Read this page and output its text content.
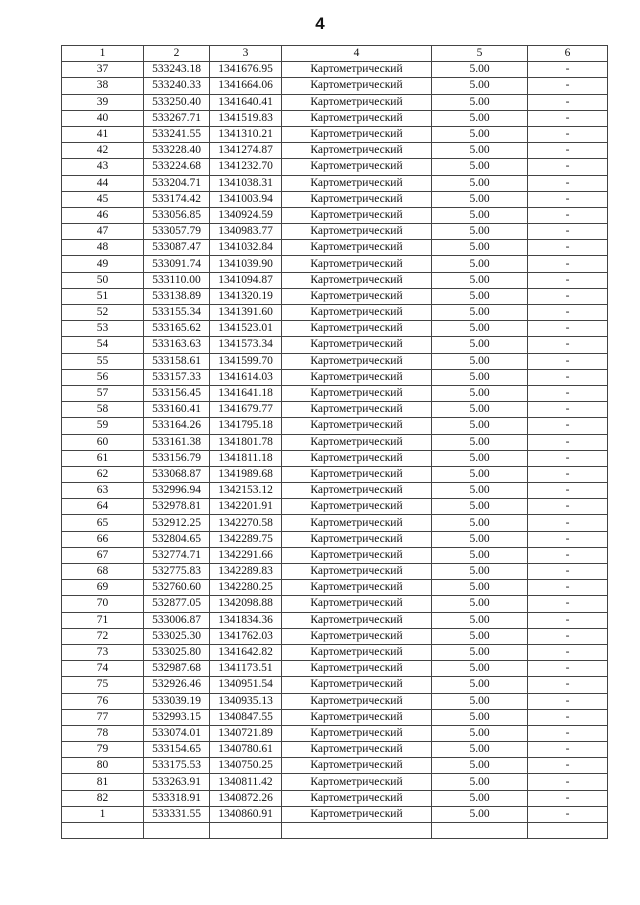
4
1	2	3	4	5	6
37	533243.18	1341676.95	Картометрический	5.00	-
38	533240.33	1341664.06	Картометрический	5.00	-
39	533250.40	1341640.41	Картометрический	5.00	-
40	533267.71	1341519.83	Картометрический	5.00	-
41	533241.55	1341310.21	Картометрический	5.00	-
42	533228.40	1341274.87	Картометрический	5.00	-
43	533224.68	1341232.70	Картометрический	5.00	-
44	533204.71	1341038.31	Картометрический	5.00	-
45	533174.42	1341003.94	Картометрический	5.00	-
46	533056.85	1340924.59	Картометрический	5.00	-
47	533057.79	1340983.77	Картометрический	5.00	-
48	533087.47	1341032.84	Картометрический	5.00	-
49	533091.74	1341039.90	Картометрический	5.00	-
50	533110.00	1341094.87	Картометрический	5.00	-
51	533138.89	1341320.19	Картометрический	5.00	-
52	533155.34	1341391.60	Картометрический	5.00	-
53	533165.62	1341523.01	Картометрический	5.00	-
54	533163.63	1341573.34	Картометрический	5.00	-
55	533158.61	1341599.70	Картометрический	5.00	-
56	533157.33	1341614.03	Картометрический	5.00	-
57	533156.45	1341641.18	Картометрический	5.00	-
58	533160.41	1341679.77	Картометрический	5.00	-
59	533164.26	1341795.18	Картометрический	5.00	-
60	533161.38	1341801.78	Картометрический	5.00	-
61	533156.79	1341811.18	Картометрический	5.00	-
62	533068.87	1341989.68	Картометрический	5.00	-
63	532996.94	1342153.12	Картометрический	5.00	-
64	532978.81	1342201.91	Картометрический	5.00	-
65	532912.25	1342270.58	Картометрический	5.00	-
66	532804.65	1342289.75	Картометрический	5.00	-
67	532774.71	1342291.66	Картометрический	5.00	-
68	532775.83	1342289.83	Картометрический	5.00	-
69	532760.60	1342280.25	Картометрический	5.00	-
70	532877.05	1342098.88	Картометрический	5.00	-
71	533006.87	1341834.36	Картометрический	5.00	-
72	533025.30	1341762.03	Картометрический	5.00	-
73	533025.80	1341642.82	Картометрический	5.00	-
74	532987.68	1341173.51	Картометрический	5.00	-
75	532926.46	1340951.54	Картометрический	5.00	-
76	533039.19	1340935.13	Картометрический	5.00	-
77	532993.15	1340847.55	Картометрический	5.00	-
78	533074.01	1340721.89	Картометрический	5.00	-
79	533154.65	1340780.61	Картометрический	5.00	-
80	533175.53	1340750.25	Картометрический	5.00	-
81	533263.91	1340811.42	Картометрический	5.00	-
82	533318.91	1340872.26	Картометрический	5.00	-
1	533331.55	1340860.91	Картометрический	5.00	-
